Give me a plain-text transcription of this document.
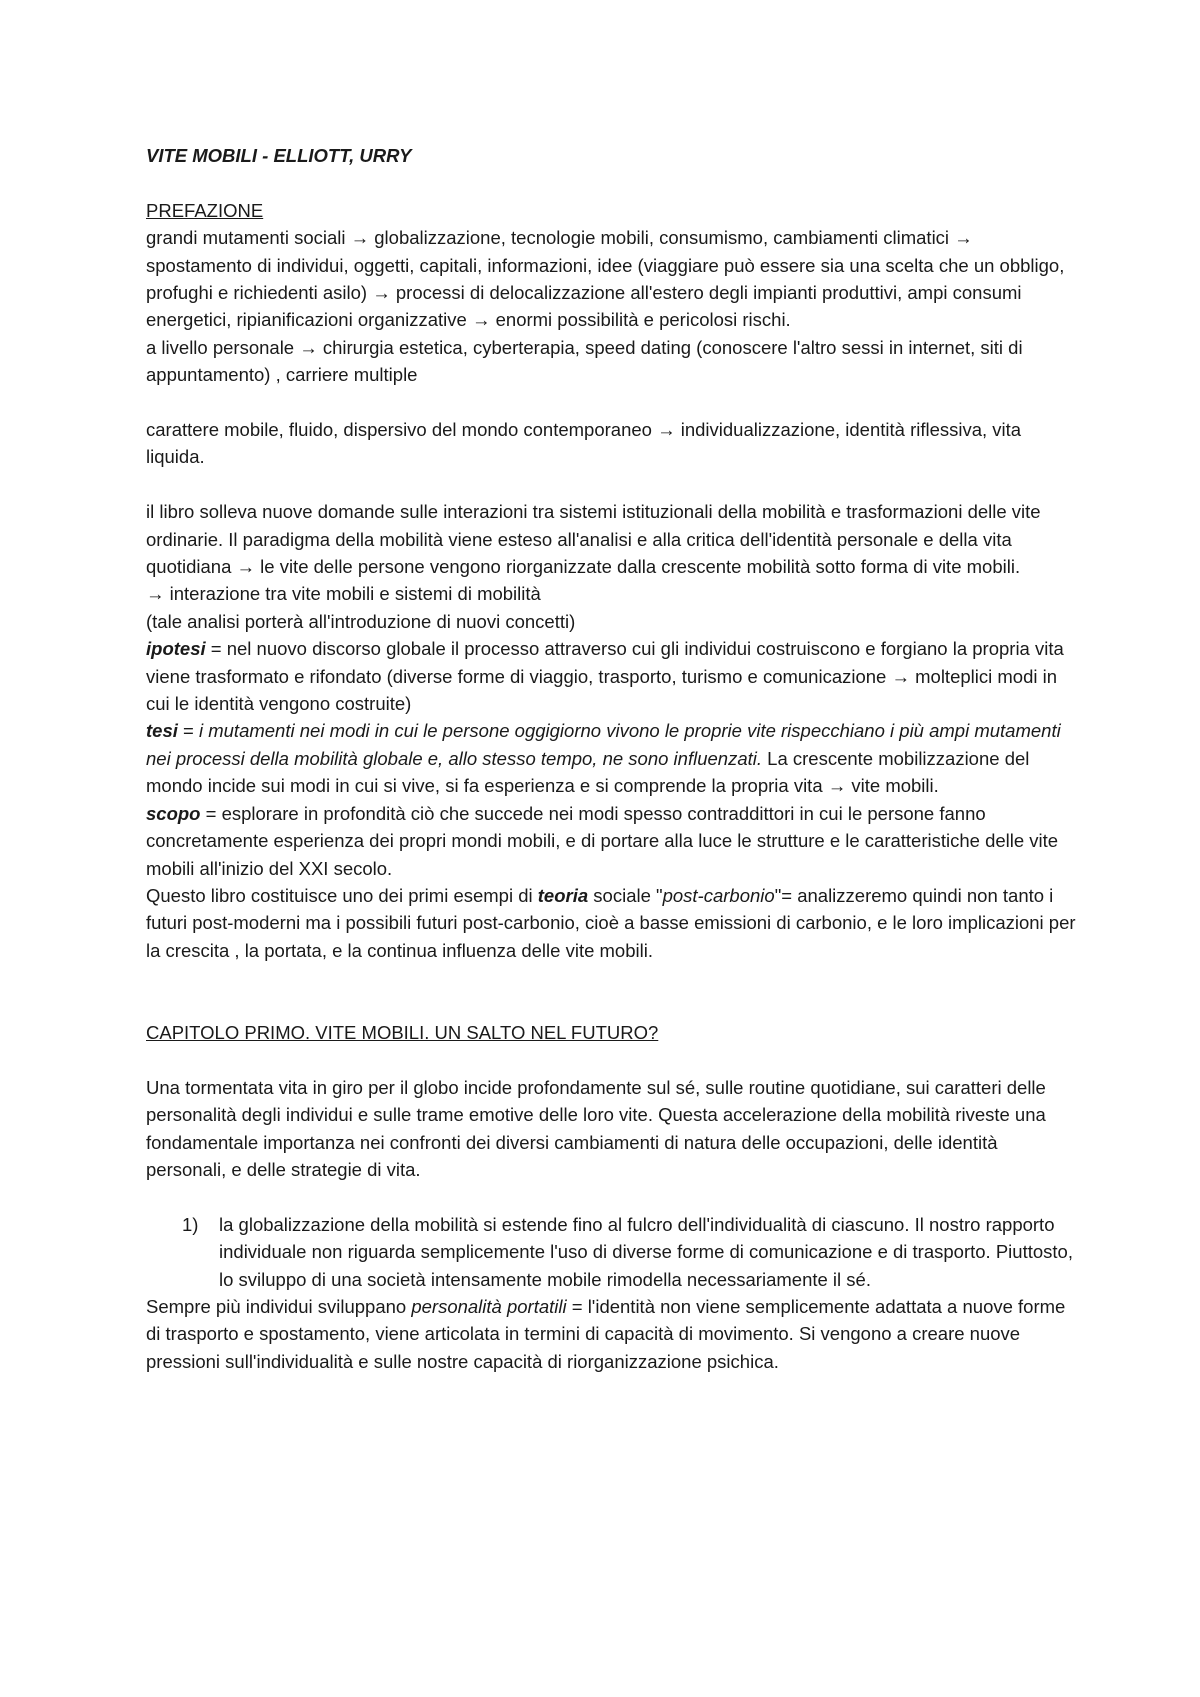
VITE MOBILI - ELLIOTT, URRY

PREFAZIONE

grandi mutamenti sociali → globalizzazione, tecnologie mobili, consumismo, cambiamenti climatici → spostamento di individui, oggetti, capitali, informazioni, idee (viaggiare può essere sia una scelta che un obbligo, profughi e richiedenti asilo) → processi di delocalizzazione all'estero degli impianti produttivi, ampi consumi energetici, ripianificazioni organizzative → enormi possibilità e pericolosi rischi.

a livello personale → chirurgia estetica, cyberterapia, speed dating (conoscere l'altro sessi in internet, siti di appuntamento) , carriere multiple

carattere mobile, fluido, dispersivo del mondo contemporaneo → individualizzazione, identità riflessiva, vita liquida.

il libro solleva nuove domande sulle interazioni tra sistemi istituzionali della mobilità e trasformazioni delle vite ordinarie. Il paradigma della mobilità viene esteso all'analisi e alla critica dell'identità personale e della vita quotidiana → le vite delle persone vengono riorganizzate dalla crescente mobilità sotto forma di vite mobili.

→ interazione tra vite mobili e sistemi di mobilità

(tale analisi porterà all'introduzione di nuovi concetti)

ipotesi = nel nuovo discorso globale il processo attraverso cui gli individui costruiscono e forgiano la propria vita viene trasformato e rifondato (diverse forme di viaggio, trasporto, turismo e comunicazione → molteplici modi in cui le identità vengono costruite)

tesi = i mutamenti nei modi in cui le persone oggigiorno vivono le proprie vite rispecchiano i più ampi mutamenti nei processi della mobilità globale e, allo stesso tempo, ne sono influenzati. La crescente mobilizzazione del mondo incide sui modi in cui si vive, si fa esperienza e si comprende la propria vita → vite mobili.

scopo = esplorare in profondità ciò che succede nei modi spesso contraddittori in cui le persone fanno concretamente esperienza dei propri mondi mobili, e di portare alla luce le strutture e le caratteristiche delle vite mobili all'inizio del XXI secolo.

Questo libro costituisce uno dei primi esempi di teoria sociale "post-carbonio"= analizzeremo quindi non tanto i futuri post-moderni ma i possibili futuri post-carbonio, cioè a basse emissioni di carbonio, e le loro implicazioni per la crescita , la portata, e la continua influenza delle vite mobili.

CAPITOLO PRIMO. VITE MOBILI. UN SALTO NEL FUTURO?

Una tormentata vita in giro per il globo incide profondamente sul sé, sulle routine quotidiane, sui caratteri delle personalità degli individui e sulle trame emotive delle loro vite. Questa accelerazione della mobilità riveste una fondamentale importanza nei confronti dei diversi cambiamenti di natura delle occupazioni, delle identità personali, e delle strategie di vita.

1) la globalizzazione della mobilità si estende fino al fulcro dell'individualità di ciascuno. Il nostro rapporto individuale non riguarda semplicemente l'uso di diverse forme di comunicazione e di trasporto. Piuttosto, lo sviluppo di una società intensamente mobile rimodella necessariamente il sé.

Sempre più individui sviluppano personalità portatili = l'identità non viene semplicemente adattata a nuove forme di trasporto e spostamento, viene articolata in termini di capacità di movimento. Si vengono a creare nuove pressioni sull'individualità e sulle nostre capacità di riorganizzazione psichica.
